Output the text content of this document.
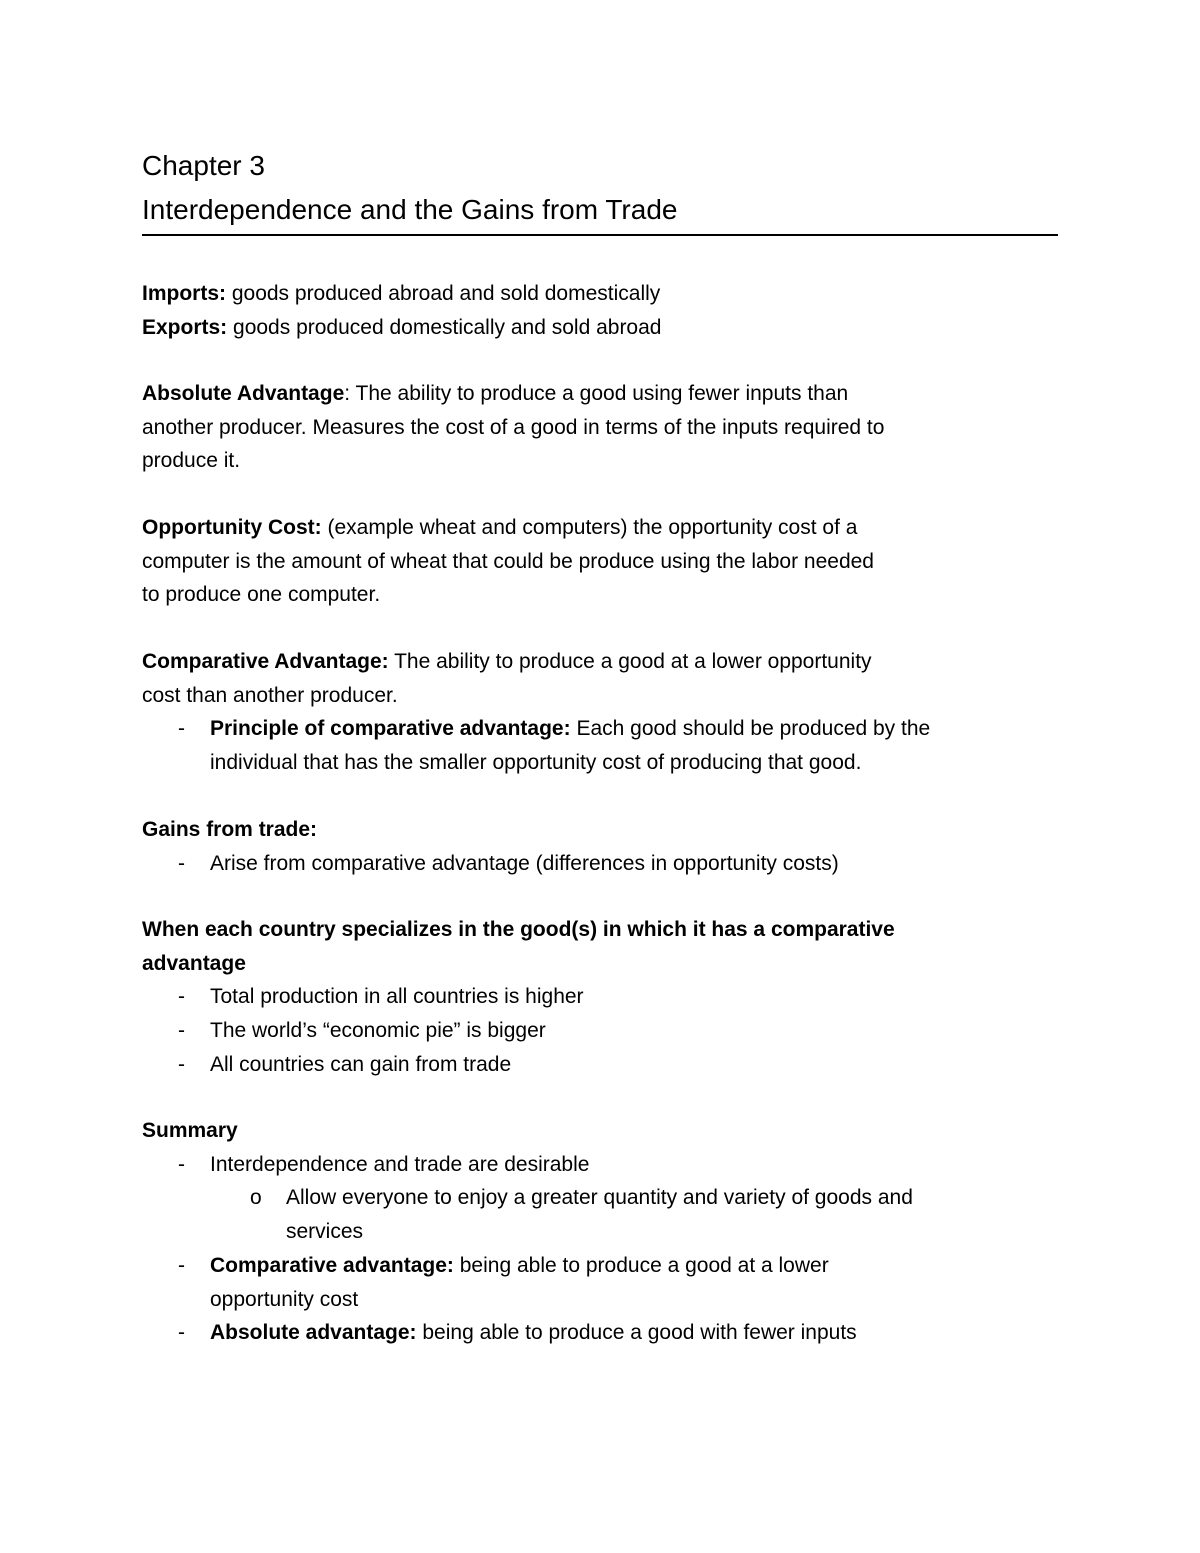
Chapter 3
Interdependence and the Gains from Trade
Imports: goods produced abroad and sold domestically
Exports: goods produced domestically and sold abroad
Absolute Advantage: The ability to produce a good using fewer inputs than
another producer. Measures the cost of a good in terms of the inputs required to
produce it.
Opportunity Cost: (example wheat and computers) the opportunity cost of a
computer is the amount of wheat that could be produce using the labor needed
to produce one computer.
Comparative Advantage: The ability to produce a good at a lower opportunity
cost than another producer.
-	Principle of comparative advantage: Each good should be produced by the
individual that has the smaller opportunity cost of producing that good.
Gains from trade:
-	Arise from comparative advantage (differences in opportunity costs)
When each country specializes in the good(s) in which it has a comparative
advantage
-	Total production in all countries is higher
-	The world’s “economic pie” is bigger
-	All countries can gain from trade
Summary
-	Interdependence and trade are desirable
o	Allow everyone to enjoy a greater quantity and variety of goods and
services
-	Comparative advantage: being able to produce a good at a lower
opportunity cost
-	Absolute advantage: being able to produce a good with fewer inputs
